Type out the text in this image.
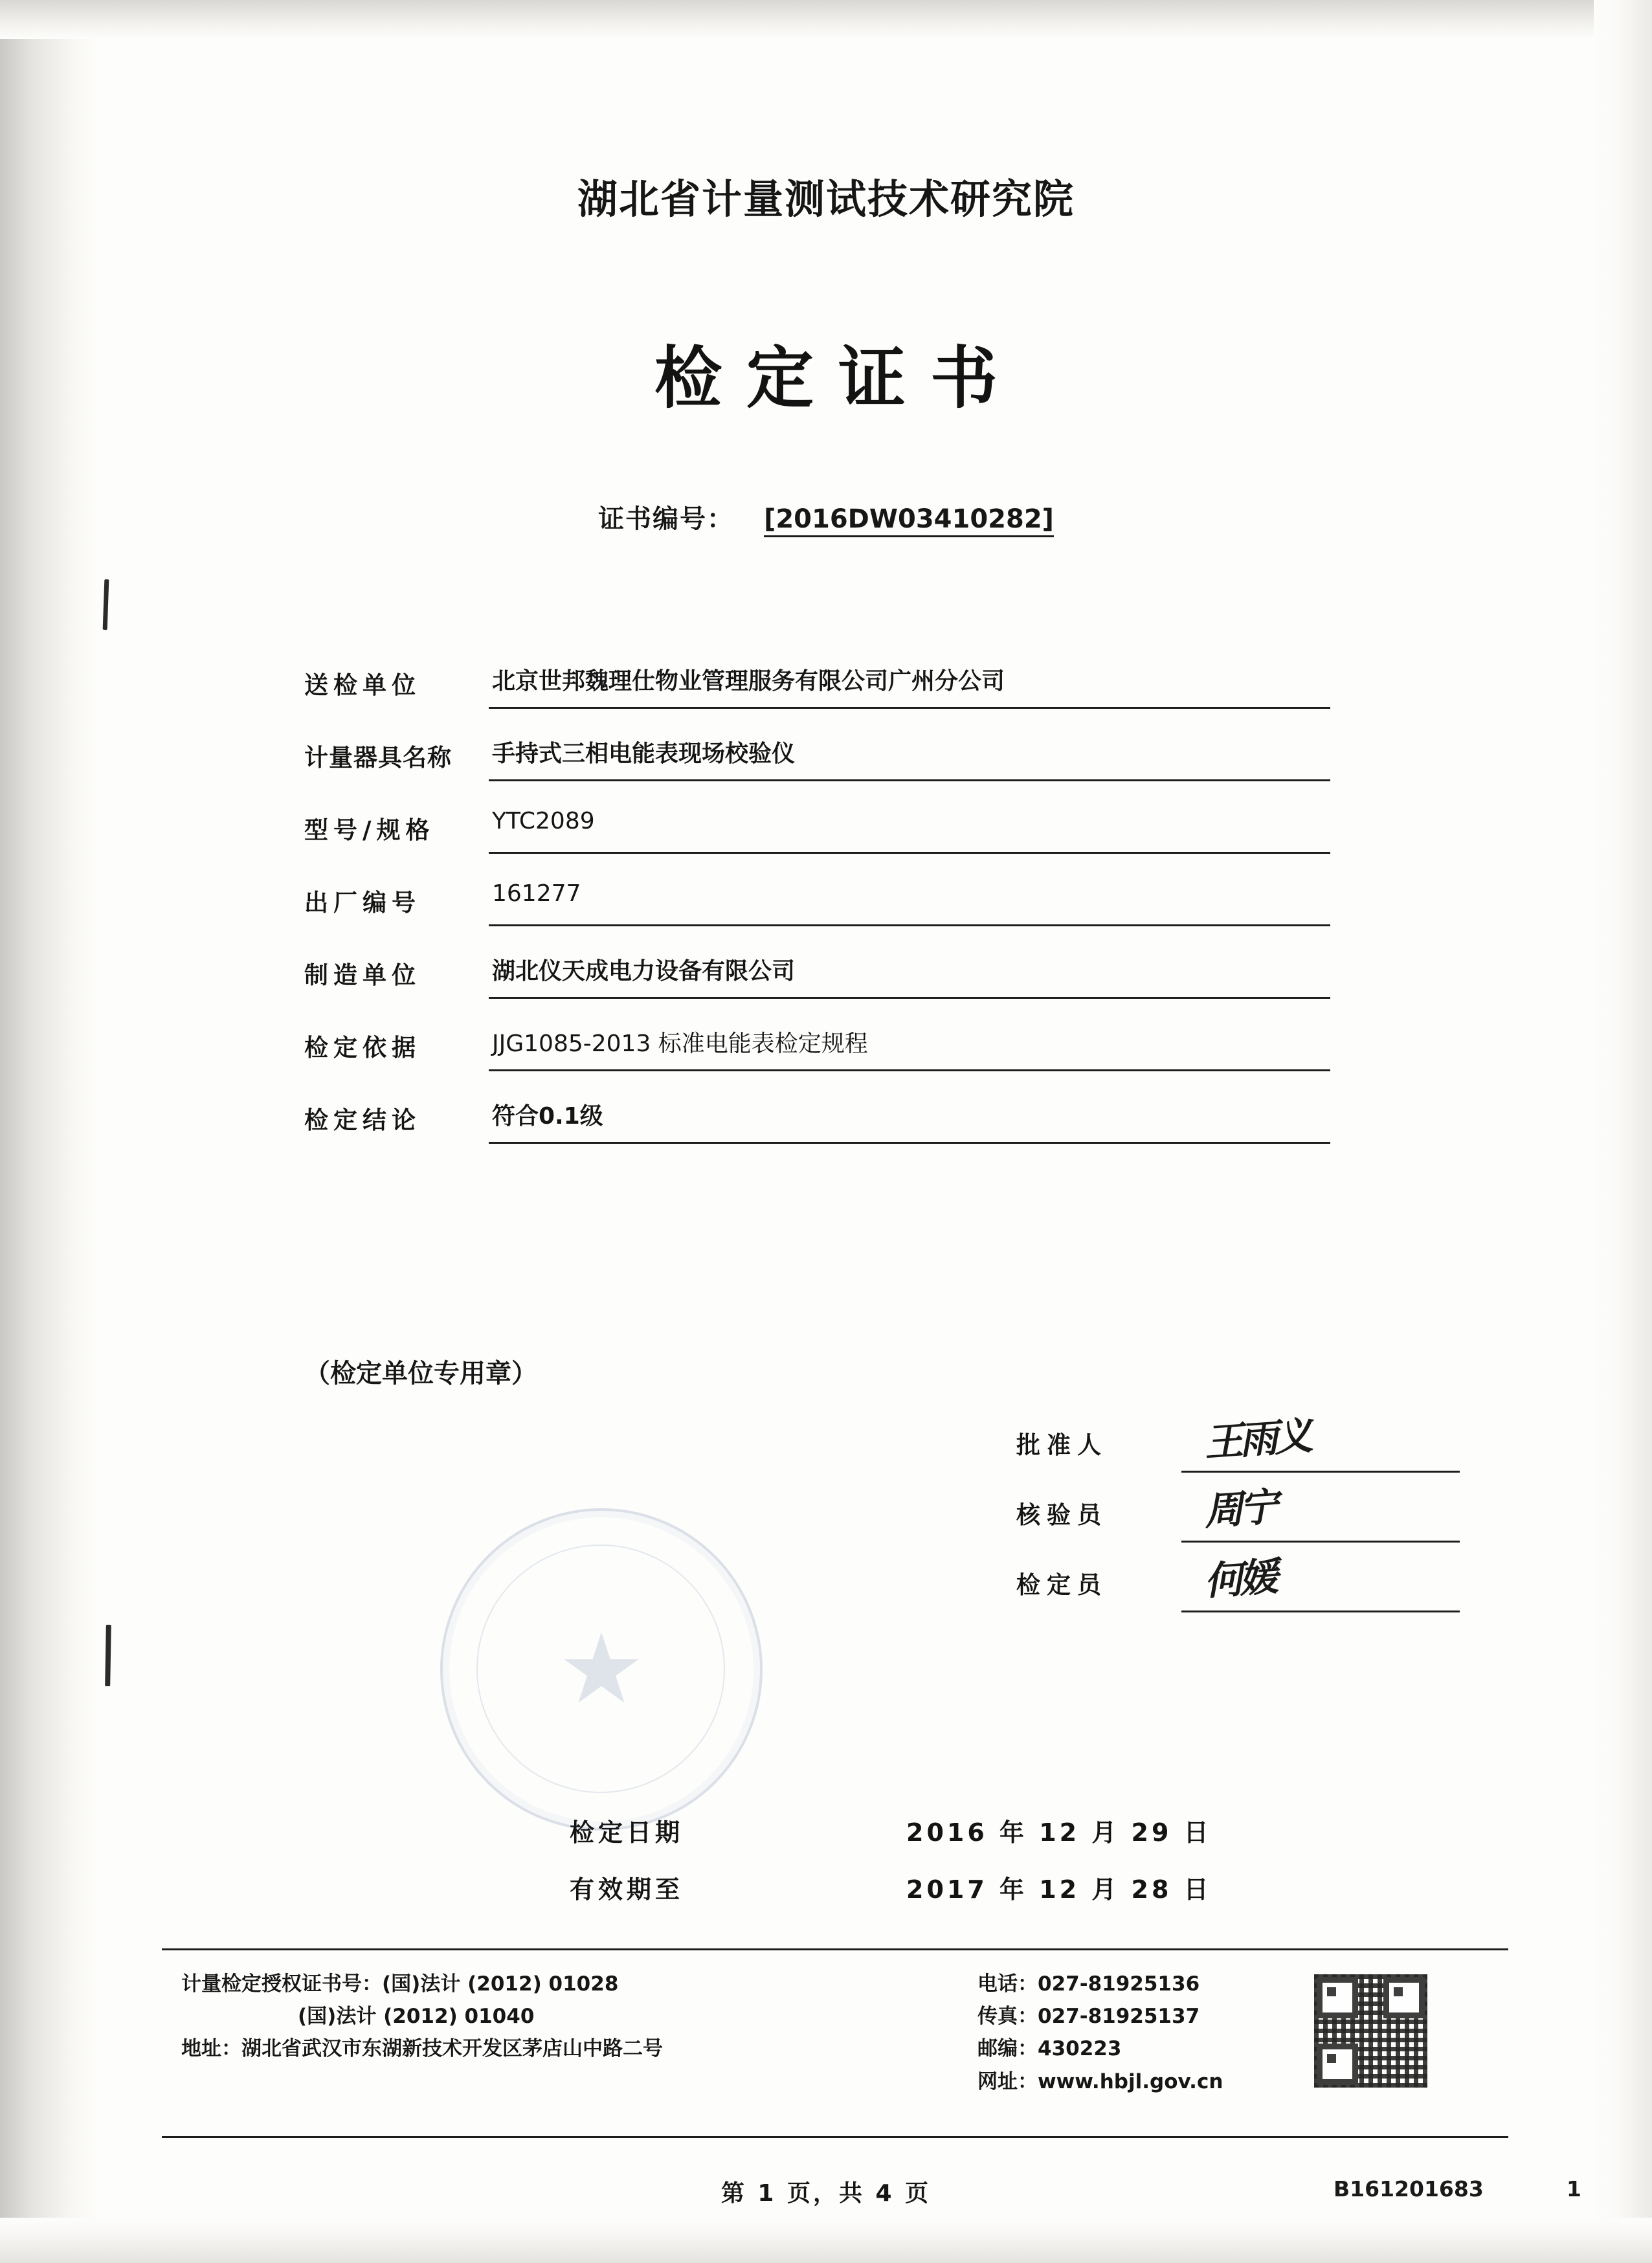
湖北省计量测试技术研究院
检定证书
证书编号： [2016DW03410282]
送检单位	北京世邦魏理仕物业管理服务有限公司广州分公司
计量器具名称	手持式三相电能表现场校验仪
型号/规格	YTC2089
出厂编号	161277
制造单位	湖北仪天成电力设备有限公司
检定依据	JJG1085-2013 标准电能表检定规程
检定结论	符合0.1级
（检定单位专用章）
★
批准人	王雨义
核验员	周宁
检定员	何媛
检定日期	2016 年 12 月 29 日
有效期至	2017 年 12 月 28 日
计量检定授权证书号：(国)法计 (2012) 01028
(国)法计 (2012) 01040
地址：湖北省武汉市东湖新技术开发区茅店山中路二号
电话：027-81925136
传真：027-81925137
邮编：430223
网址：www.hbjl.gov.cn
第 1 页，共 4 页	B161201683	1
